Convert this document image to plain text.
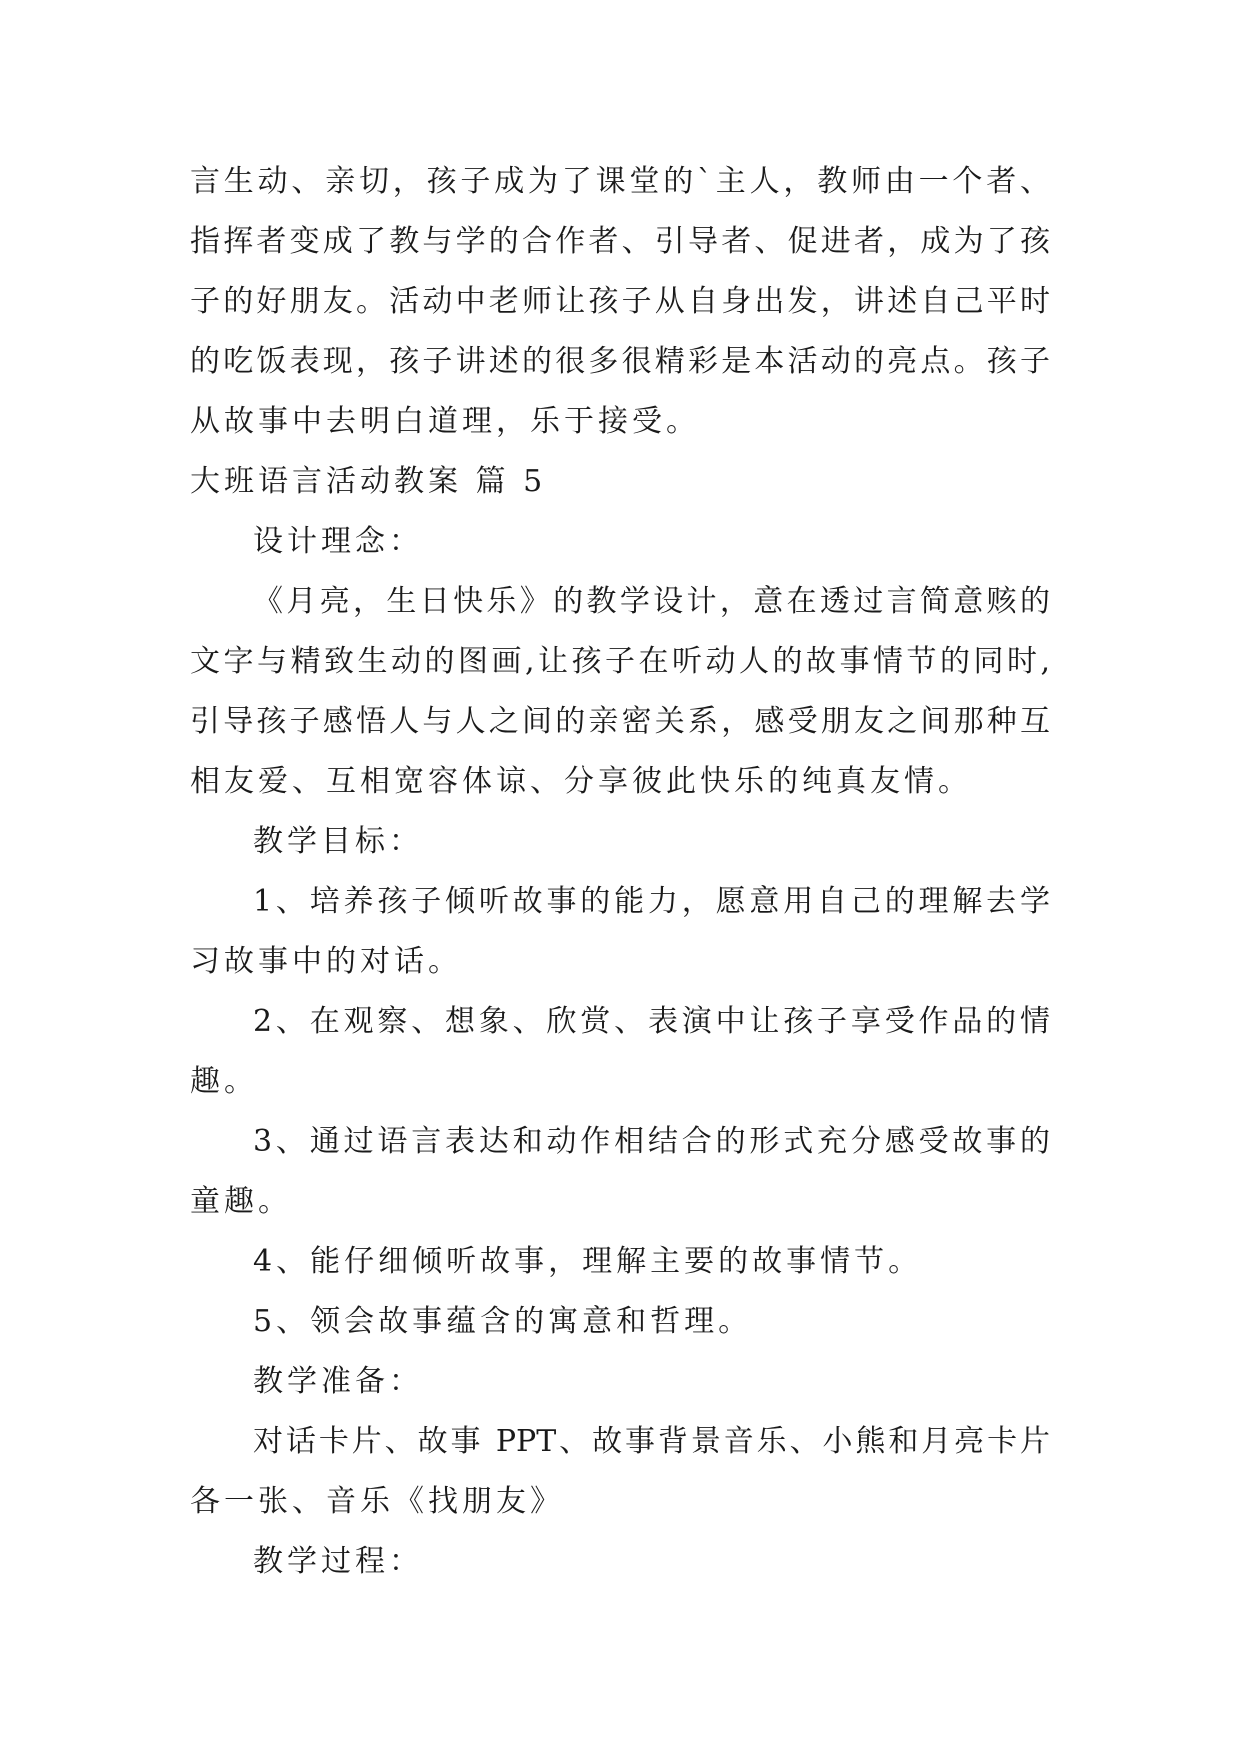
言生动、亲切，孩子成为了课堂的`主人，教师由一个者、
指挥者变成了教与学的合作者、引导者、促进者，成为了孩
子的好朋友。活动中老师让孩子从自身出发，讲述自己平时
的吃饭表现，孩子讲述的很多很精彩是本活动的亮点。孩子
从故事中去明白道理，乐于接受。
大班语言活动教案 篇 5
设计理念：
《月亮，生日快乐》的教学设计，意在透过言简意赅的
文字与精致生动的图画,让孩子在听动人的故事情节的同时,
引导孩子感悟人与人之间的亲密关系，感受朋友之间那种互
相友爱、互相宽容体谅、分享彼此快乐的纯真友情。
教学目标：
1、培养孩子倾听故事的能力，愿意用自己的理解去学
习故事中的对话。
2、在观察、想象、欣赏、表演中让孩子享受作品的情
趣。
3、通过语言表达和动作相结合的形式充分感受故事的
童趣。
4、能仔细倾听故事，理解主要的故事情节。
5、领会故事蕴含的寓意和哲理。
教学准备：
对话卡片、故事 PPT、故事背景音乐、小熊和月亮卡片
各一张、音乐《找朋友》
教学过程：
